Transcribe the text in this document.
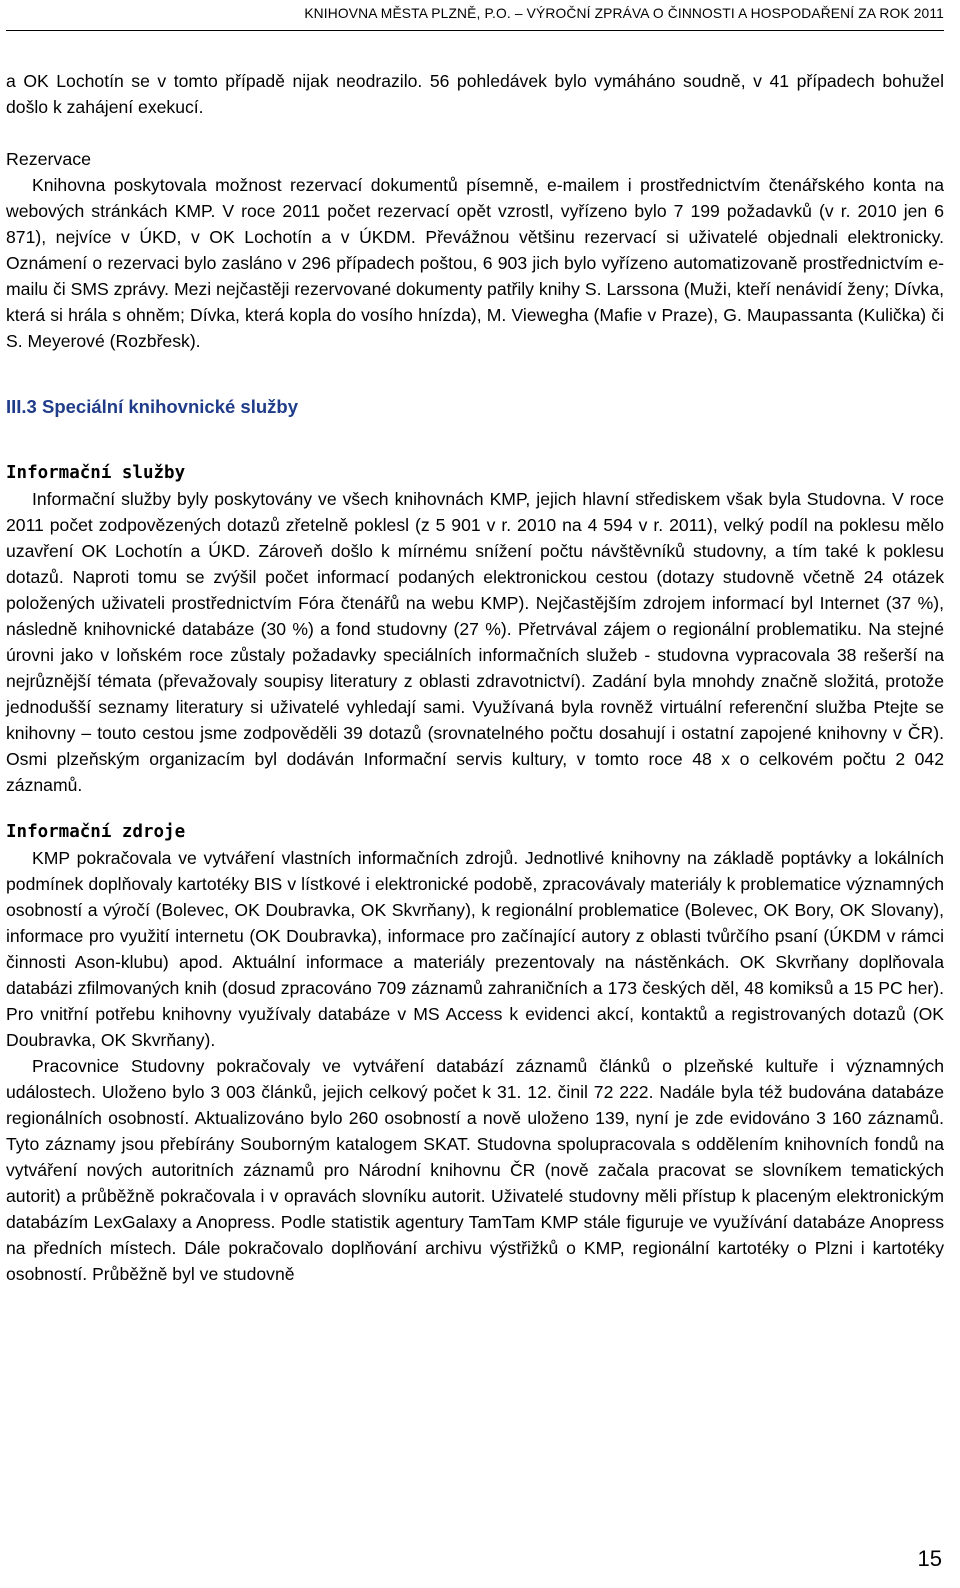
KNIHOVNA MĚSTA PLZNĚ, P.O. – VÝROČNÍ ZPRÁVA O ČINNOSTI A HOSPODAŘENÍ ZA ROK 2011

a OK Lochotín se v tomto případě nijak neodrazilo. 56 pohledávek bylo vymáháno soudně, v 41 případech bohužel došlo k zahájení exekucí.

Rezervace

Knihovna poskytovala možnost rezervací dokumentů písemně, e-mailem i prostřednictvím čtenářského konta na webových stránkách KMP. V roce 2011 počet rezervací opět vzrostl, vyřízeno bylo 7 199 požadavků (v r. 2010 jen 6 871), nejvíce v ÚKD, v OK Lochotín a v ÚKDM. Převážnou většinu rezervací si uživatelé objednali elektronicky. Oznámení o rezervaci bylo zasláno v 296 případech poštou, 6 903 jich bylo vyřízeno automatizovaně prostřednictvím e-mailu či SMS zprávy. Mezi nejčastěji rezervované dokumenty patřily knihy S. Larssona (Muži, kteří nenávidí ženy; Dívka, která si hrála s ohněm; Dívka, která kopla do vosího hnízda), M. Viewegha (Mafie v Praze), G. Maupassanta (Kulička) či S. Meyerové (Rozbřesk).

III.3 Speciální knihovnické služby
Informační služby

Informační služby byly poskytovány ve všech knihovnách KMP, jejich hlavní střediskem však byla Studovna. V roce 2011 počet zodpovězených dotazů zřetelně poklesl (z 5 901 v r. 2010 na 4 594 v r. 2011), velký podíl na poklesu mělo uzavření OK Lochotín a ÚKD. Zároveň došlo k mírnému snížení počtu návštěvníků studovny, a tím také k poklesu dotazů. Naproti tomu se zvýšil počet informací podaných elektronickou cestou (dotazy studovně včetně 24 otázek položených uživateli prostřednictvím Fóra čtenářů na webu KMP). Nejčastějším zdrojem informací byl Internet (37 %), následně knihovnické databáze (30 %) a fond studovny (27 %). Přetrvával zájem o regionální problematiku. Na stejné úrovni jako v loňském roce zůstaly požadavky speciálních informačních služeb - studovna vypracovala 38 rešerší na nejrůznější témata (převažovaly soupisy literatury z oblasti zdravotnictví). Zadání byla mnohdy značně složitá, protože jednodušší seznamy literatury si uživatelé vyhledají sami. Využívaná byla rovněž virtuální referenční služba Ptejte se knihovny – touto cestou jsme zodpověděli 39 dotazů (srovnatelného počtu dosahují i ostatní zapojené knihovny v ČR). Osmi plzeňským organizacím byl dodáván Informační servis kultury, v tomto roce 48 x o celkovém počtu 2 042 záznamů.

Informační zdroje

KMP pokračovala ve vytváření vlastních informačních zdrojů. Jednotlivé knihovny na základě poptávky a lokálních podmínek doplňovaly kartotéky BIS v lístkové i elektronické podobě, zpracovávaly materiály k problematice významných osobností a výročí (Bolevec, OK Doubravka, OK Skvrňany), k regionální problematice (Bolevec, OK Bory, OK Slovany), informace pro využití internetu (OK Doubravka), informace pro začínající autory z oblasti tvůrčího psaní (ÚKDM v rámci činnosti Ason-klubu) apod. Aktuální informace a materiály prezentovaly na nástěnkách. OK Skvrňany doplňovala databázi zfilmovaných knih (dosud zpracováno 709 záznamů zahraničních a 173 českých děl, 48 komiksů a 15 PC her). Pro vnitřní potřebu knihovny využívaly databáze v MS Access k evidenci akcí, kontaktů a registrovaných dotazů (OK Doubravka, OK Skvrňany).

Pracovnice Studovny pokračovaly ve vytváření databází záznamů článků o plzeňské kultuře i významných událostech. Uloženo bylo 3 003 článků, jejich celkový počet k 31. 12. činil 72 222. Nadále byla též budována databáze regionálních osobností. Aktualizováno bylo 260 osobností a nově uloženo 139, nyní je zde evidováno 3 160 záznamů. Tyto záznamy jsou přebírány Souborným katalogem SKAT. Studovna spolupracovala s oddělením knihovních fondů na vytváření nových autoritních záznamů pro Národní knihovnu ČR (nově začala pracovat se slovníkem tematických autorit) a průběžně pokračovala i v opravách slovníku autorit. Uživatelé studovny měli přístup k placeným elektronickým databázím LexGalaxy a Anopress. Podle statistik agentury TamTam KMP stále figuruje ve využívání databáze Anopress na předních místech. Dále pokračovalo doplňování archivu výstřižků o KMP, regionální kartotéky o Plzni i kartotéky osobností. Průběžně byl ve studovně

15
